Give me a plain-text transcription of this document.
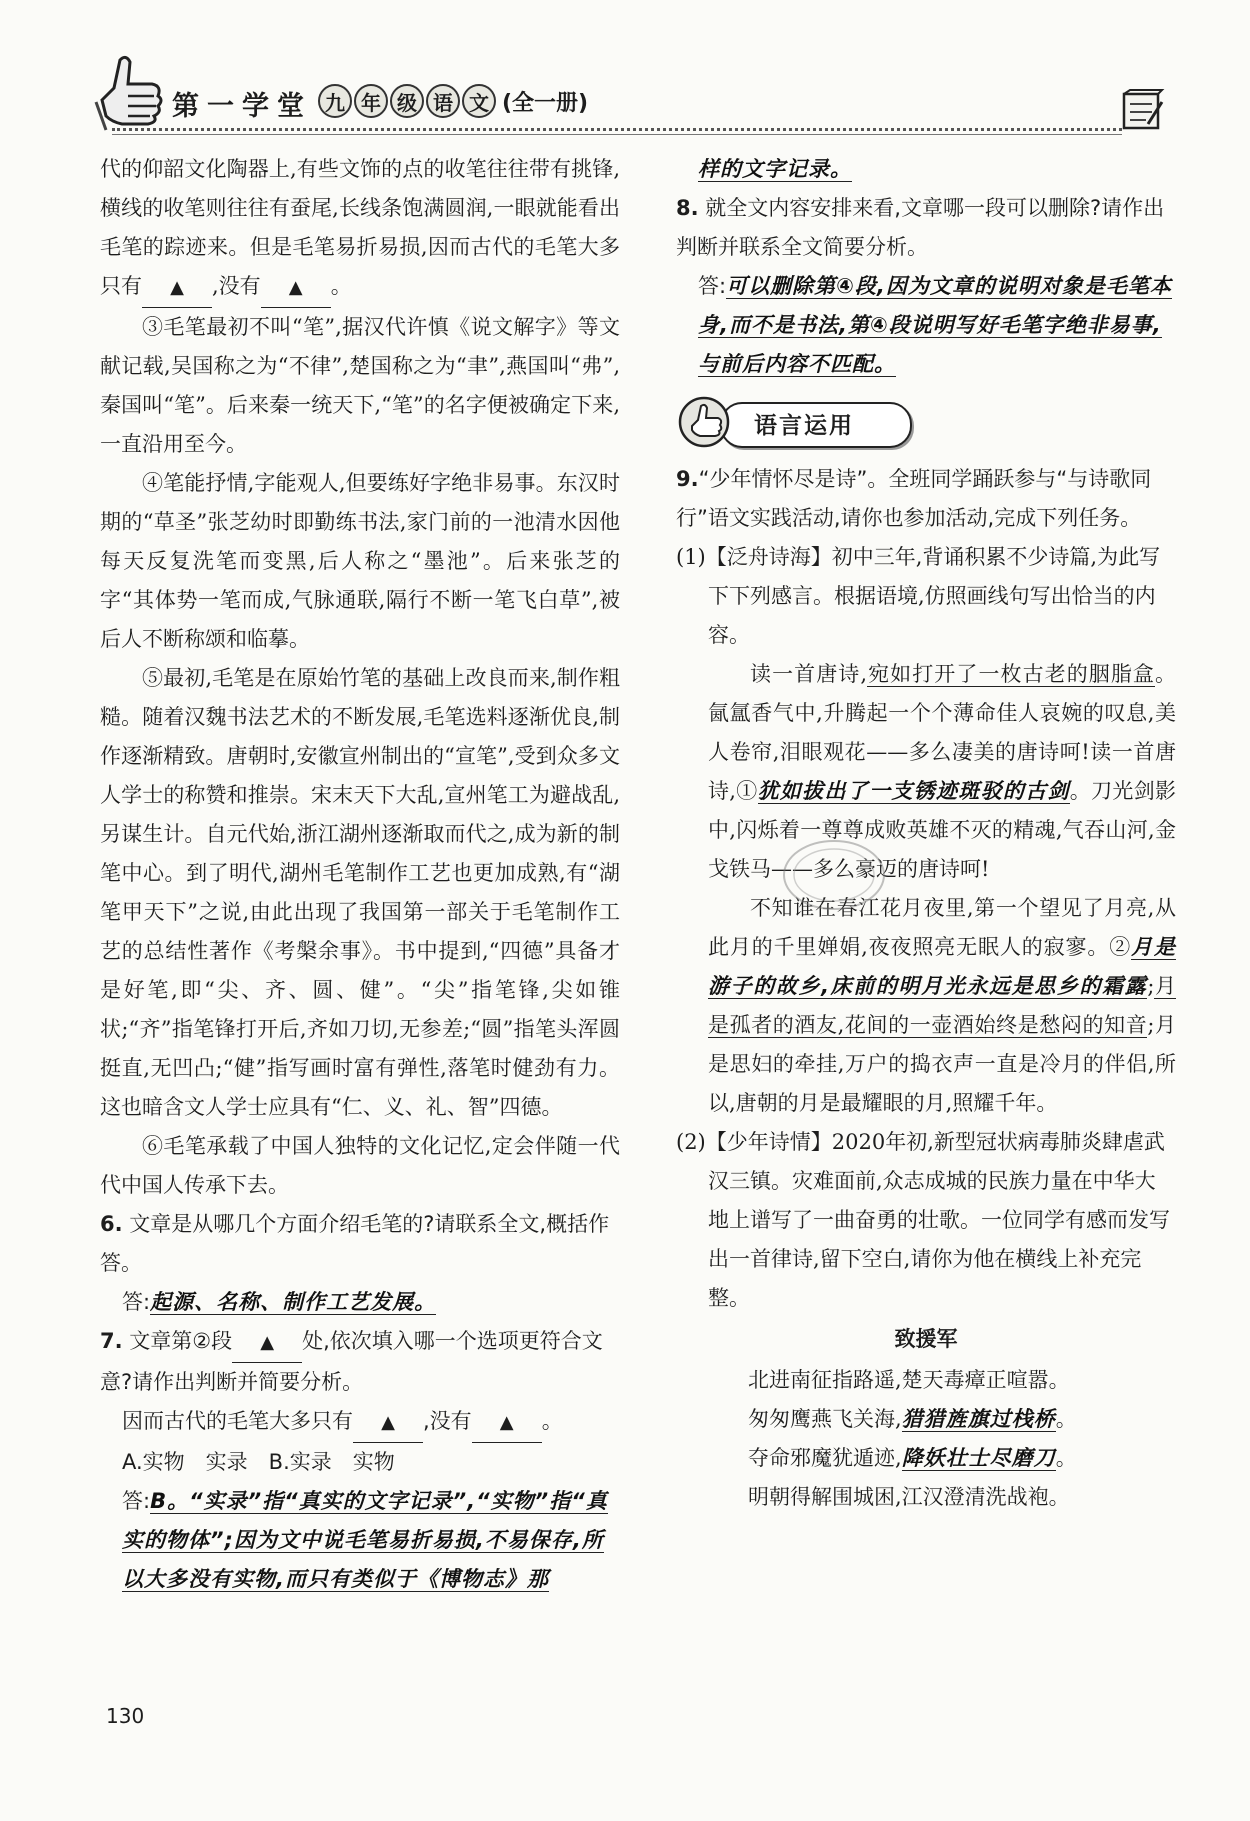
第一学堂 九 年 级 语 文 (全一册)

代的仰韶文化陶器上,有些文饰的点的收笔往往带有挑锋,横线的收笔则往往有蚕尾,长线条饱满圆润,一眼就能看出毛笔的踪迹来。但是毛笔易折易损,因而古代的毛笔大多只有 ▲ ,没有 ▲ 。

③毛笔最初不叫“笔”,据汉代许慎《说文解字》等文献记载,吴国称之为“不律”,楚国称之为“聿”,燕国叫“弗”,秦国叫“笔”。后来秦一统天下,“笔”的名字便被确定下来,一直沿用至今。

④笔能抒情,字能观人,但要练好字绝非易事。东汉时期的“草圣”张芝幼时即勤练书法,家门前的一池清水因他每天反复洗笔而变黑,后人称之“墨池”。后来张芝的字“其体势一笔而成,气脉通联,隔行不断一笔飞白草”,被后人不断称颂和临摹。

⑤最初,毛笔是在原始竹笔的基础上改良而来,制作粗糙。随着汉魏书法艺术的不断发展,毛笔选料逐渐优良,制作逐渐精致。唐朝时,安徽宣州制出的“宣笔”,受到众多文人学士的称赞和推崇。宋末天下大乱,宣州笔工为避战乱,另谋生计。自元代始,浙江湖州逐渐取而代之,成为新的制笔中心。到了明代,湖州毛笔制作工艺也更加成熟,有“湖笔甲天下”之说,由此出现了我国第一部关于毛笔制作工艺的总结性著作《考槃余事》。书中提到,“四德”具备才是好笔,即“尖、齐、圆、健”。“尖”指笔锋,尖如锥状;“齐”指笔锋打开后,齐如刀切,无参差;“圆”指笔头浑圆挺直,无凹凸;“健”指写画时富有弹性,落笔时健劲有力。这也暗含文人学士应具有“仁、义、礼、智”四德。

⑥毛笔承载了中国人独特的文化记忆,定会伴随一代代中国人传承下去。

6. 文章是从哪几个方面介绍毛笔的?请联系全文,概括作答。

答:起源、名称、制作工艺发展。

7. 文章第②段 ▲ 处,依次填入哪一个选项更符合文意?请作出判断并简要分析。

因而古代的毛笔大多只有 ▲ ,没有 ▲ 。

A.实物　实录　B.实录　实物

答:B。“实录”指“真实的文字记录”,“实物”指“真实的物体”;因为文中说毛笔易折易损,不易保存,所以大多没有实物,而只有类似于《博物志》那

样的文字记录。

8. 就全文内容安排来看,文章哪一段可以删除?请作出判断并联系全文简要分析。

答:可以删除第④段,因为文章的说明对象是毛笔本身,而不是书法,第④段说明写好毛笔字绝非易事,与前后内容不匹配。

语言运用

9.“少年情怀尽是诗”。全班同学踊跃参与“与诗歌同行”语文实践活动,请你也参加活动,完成下列任务。

(1)【泛舟诗海】初中三年,背诵积累不少诗篇,为此写下下列感言。根据语境,仿照画线句写出恰当的内容。

读一首唐诗,宛如打开了一枚古老的胭脂盒。氤氲香气中,升腾起一个个薄命佳人哀婉的叹息,美人卷帘,泪眼观花——多么凄美的唐诗呵!读一首唐诗,①犹如拔出了一支锈迹斑驳的古剑。刀光剑影中,闪烁着一尊尊成败英雄不灭的精魂,气吞山河,金戈铁马——多么豪迈的唐诗呵!

不知谁在春江花月夜里,第一个望见了月亮,从此月的千里婵娟,夜夜照亮无眠人的寂寥。②月是游子的故乡,床前的明月光永远是思乡的霜露;月是孤者的酒友,花间的一壶酒始终是愁闷的知音;月是思妇的牵挂,万户的捣衣声一直是冷月的伴侣,所以,唐朝的月是最耀眼的月,照耀千年。

(2)【少年诗情】2020年初,新型冠状病毒肺炎肆虐武汉三镇。灾难面前,众志成城的民族力量在中华大地上谱写了一曲奋勇的壮歌。一位同学有感而发写出一首律诗,留下空白,请你为他在横线上补充完整。

致援军

北进南征指路遥,楚天毒瘴正喧嚣。

匆匆鹰燕飞关海,猎猎旌旗过栈桥。

夺命邪魔犹遁迹,降妖壮士尽磨刀。

明朝得解围城困,江汉澄清洗战袍。

130
